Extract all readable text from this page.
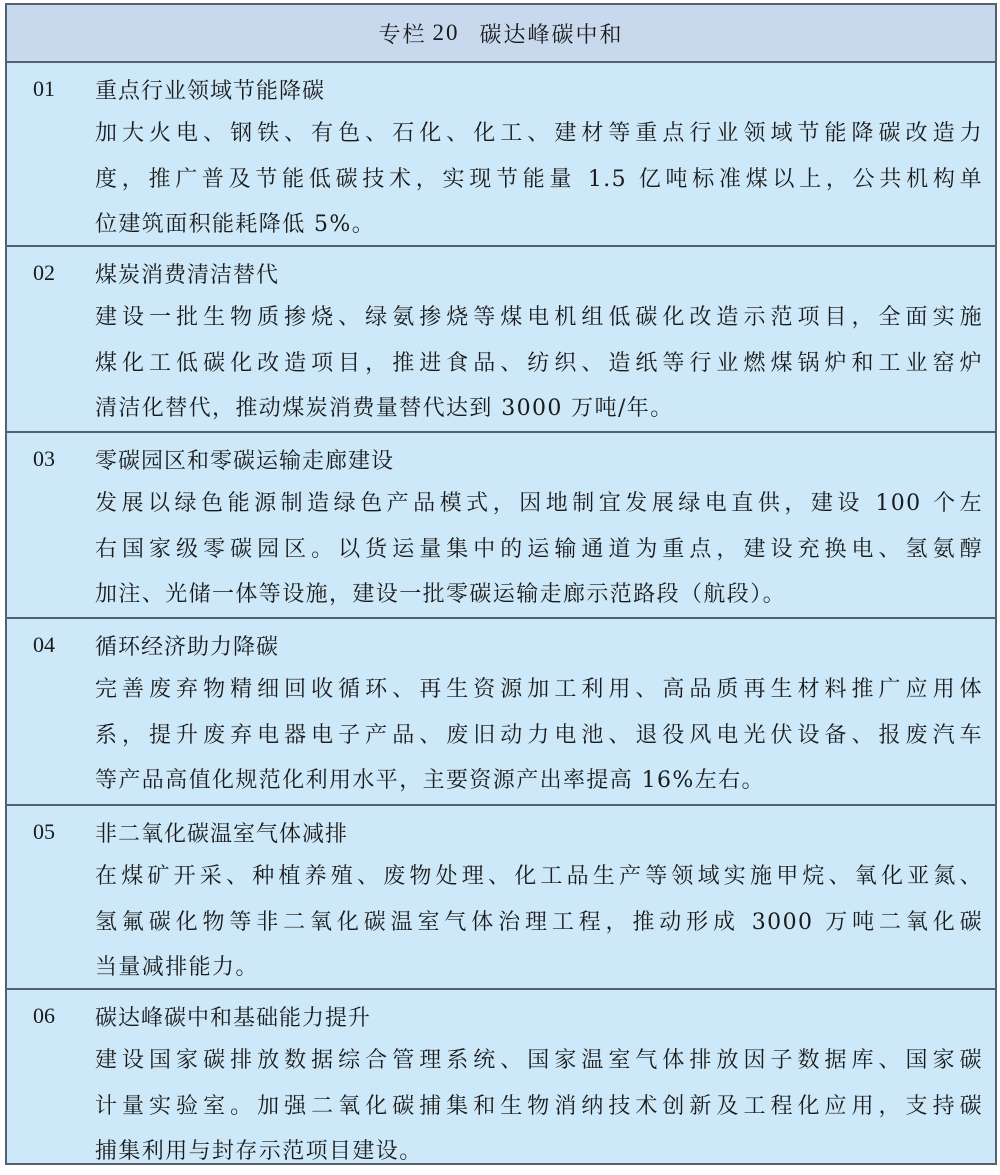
专栏 20 碳达峰碳中和
01	重点行业领域节能降碳
加大火电、钢铁、有色、石化、化工、建材等重点行业领域节能降碳改造力
度，推广普及节能低碳技术，实现节能量 1.5 亿吨标准煤以上，公共机构单
位建筑面积能耗降低 5%。
02	煤炭消费清洁替代
建设一批生物质掺烧、绿氨掺烧等煤电机组低碳化改造示范项目，全面实施
煤化工低碳化改造项目，推进食品、纺织、造纸等行业燃煤锅炉和工业窑炉
清洁化替代，推动煤炭消费量替代达到 3000 万吨/年。
03	零碳园区和零碳运输走廊建设
发展以绿色能源制造绿色产品模式，因地制宜发展绿电直供，建设 100 个左
右国家级零碳园区。以货运量集中的运输通道为重点，建设充换电、氢氨醇
加注、光储一体等设施，建设一批零碳运输走廊示范路段（航段）。
04	循环经济助力降碳
完善废弃物精细回收循环、再生资源加工利用、高品质再生材料推广应用体
系，提升废弃电器电子产品、废旧动力电池、退役风电光伏设备、报废汽车
等产品高值化规范化利用水平，主要资源产出率提高 16%左右。
05	非二氧化碳温室气体减排
在煤矿开采、种植养殖、废物处理、化工品生产等领域实施甲烷、氧化亚氮、
氢氟碳化物等非二氧化碳温室气体治理工程，推动形成 3000 万吨二氧化碳
当量减排能力。
06	碳达峰碳中和基础能力提升
建设国家碳排放数据综合管理系统、国家温室气体排放因子数据库、国家碳
计量实验室。加强二氧化碳捕集和生物消纳技术创新及工程化应用，支持碳
捕集利用与封存示范项目建设。
